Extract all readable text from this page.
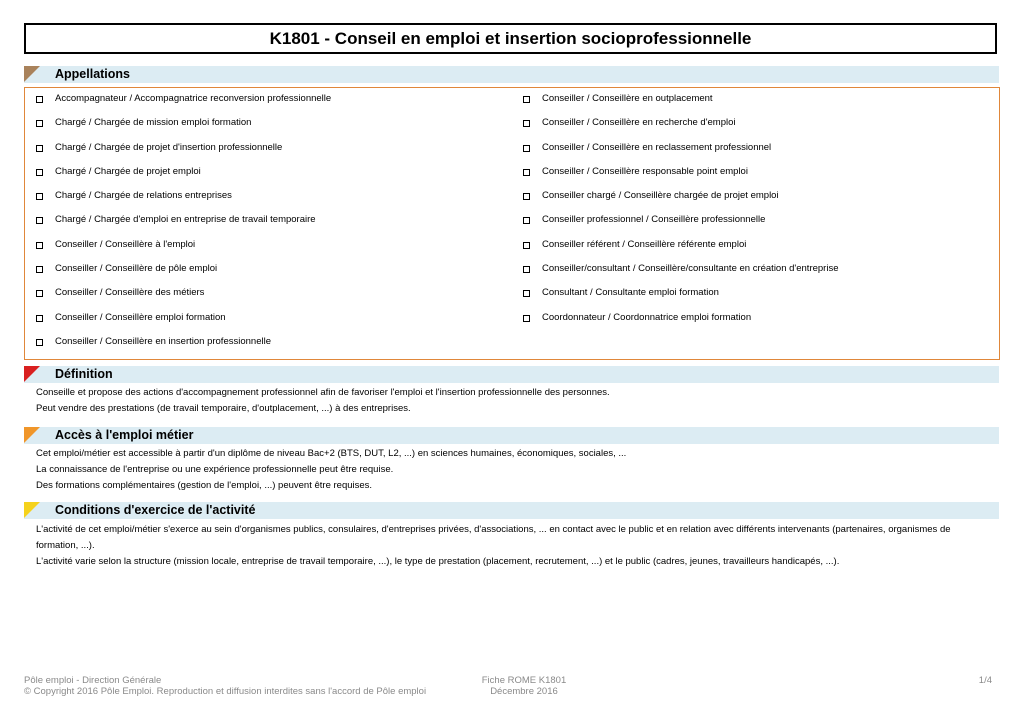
K1801 - Conseil en emploi et insertion socioprofessionnelle
Appellations
Accompagnateur / Accompagnatrice reconversion professionnelle
Chargé / Chargée de mission emploi formation
Chargé / Chargée de projet d'insertion professionnelle
Chargé / Chargée de projet emploi
Chargé / Chargée de relations entreprises
Chargé / Chargée d'emploi en entreprise de travail temporaire
Conseiller / Conseillère à l'emploi
Conseiller / Conseillère de pôle emploi
Conseiller / Conseillère des métiers
Conseiller / Conseillère emploi formation
Conseiller / Conseillère en insertion professionnelle
Conseiller / Conseillère en outplacement
Conseiller / Conseillère en recherche d'emploi
Conseiller / Conseillère en reclassement professionnel
Conseiller / Conseillère responsable point emploi
Conseiller chargé / Conseillère chargée de projet emploi
Conseiller professionnel / Conseillère professionnelle
Conseiller référent / Conseillère référente emploi
Conseiller/consultant / Conseillère/consultante en création d'entreprise
Consultant / Consultante emploi formation
Coordonnateur / Coordonnatrice emploi formation
Définition

Conseille et propose des actions d'accompagnement professionnel afin de favoriser l'emploi et l'insertion professionnelle des personnes.

Peut vendre des prestations (de travail temporaire, d'outplacement, ...) à des entreprises.

Accès à l'emploi métier

Cet emploi/métier est accessible à partir d'un diplôme de niveau Bac+2 (BTS, DUT, L2, ...) en sciences humaines, économiques, sociales, ...

La connaissance de l'entreprise ou une expérience professionnelle peut être requise.

Des formations complémentaires (gestion de l'emploi, ...) peuvent être requises.

Conditions d'exercice de l'activité

L'activité de cet emploi/métier s'exerce au sein d'organismes publics, consulaires, d'entreprises privées, d'associations, ... en contact avec le public et en relation avec différents intervenants (partenaires, organismes de formation, ...).

L'activité varie selon la structure (mission locale, entreprise de travail temporaire, ...), le type de prestation (placement, recrutement, ...) et le public (cadres, jeunes, travailleurs handicapés, ...).

Pôle emploi - Direction Générale
© Copyright 2016 Pôle Emploi. Reproduction et diffusion interdites sans l'accord de Pôle emploi
Fiche ROME K1801
Décembre 2016
1/4
